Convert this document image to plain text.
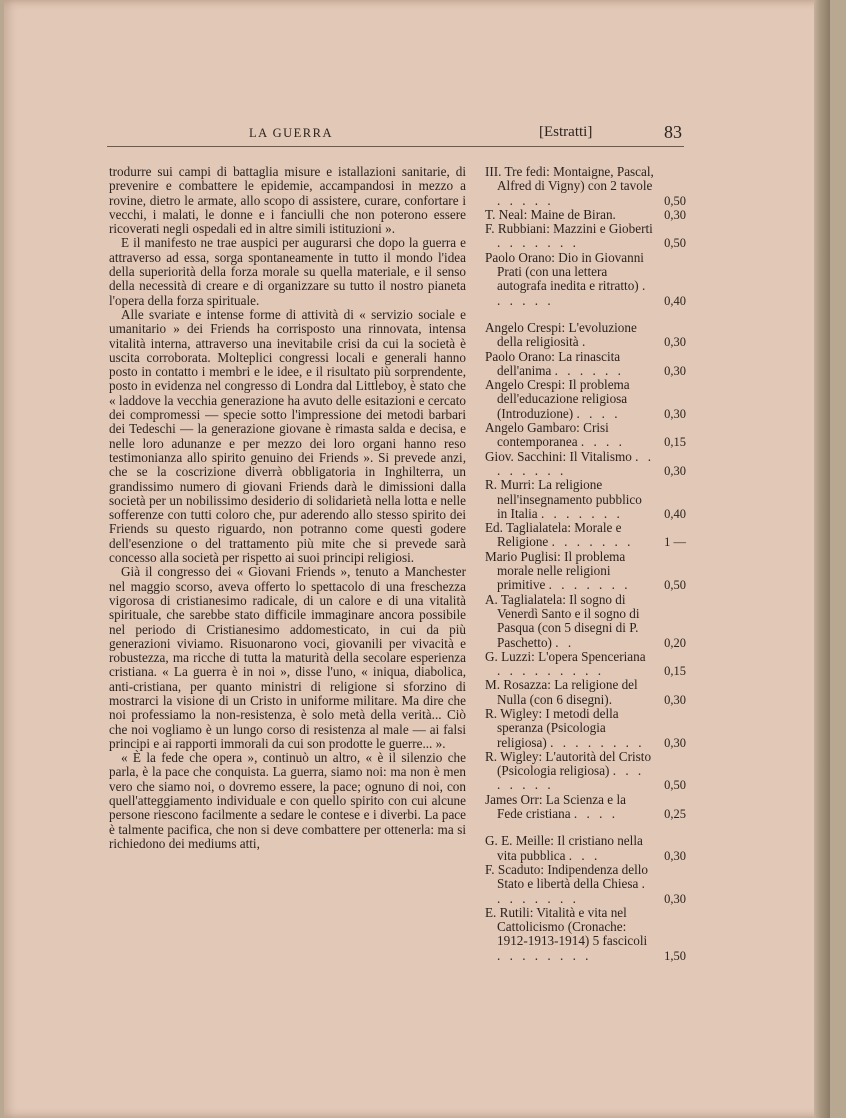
LA GUERRA	[Estratti]	83

trodurre sui campi di battaglia misure e istallazioni sanitarie, di prevenire e combattere le epidemie, accampandosi in mezzo a rovine, dietro le armate, allo scopo di assistere, curare, confortare i vecchi, i malati, le donne e i fanciulli che non poterono essere ricoverati negli ospedali ed in altre simili istituzioni ».

E il manifesto ne trae auspici per augurarsi che dopo la guerra e attraverso ad essa, sorga spontaneamente in tutto il mondo l'idea della superiorità della forza morale su quella materiale, e il senso della necessità di creare e di organizzare su tutto il nostro pianeta l'opera della forza spirituale.

Alle svariate e intense forme di attività di « servizio sociale e umanitario » dei Friends ha corrisposto una rinnovata, intensa vitalità interna, attraverso una inevitabile crisi da cui la società è uscita corroborata. Molteplici congressi locali e generali hanno posto in contatto i membri e le idee, e il risultato più sorprendente, posto in evidenza nel congresso di Londra dal Littleboy, è stato che « laddove la vecchia generazione ha avuto delle esitazioni e cercato dei compromessi — specie sotto l'impressione dei metodi barbari dei Tedeschi — la generazione giovane è rimasta salda e decisa, e nelle loro adunanze e per mezzo dei loro organi hanno reso testimonianza allo spirito genuino dei Friends ». Si prevede anzi, che se la coscrizione diverrà obbligatoria in Inghilterra, un grandissimo numero di giovani Friends darà le dimissioni dalla società per un nobilissimo desiderio di solidarietà nella lotta e nelle sofferenze con tutti coloro che, pur aderendo allo stesso spirito dei Friends su questo riguardo, non potranno come questi godere dell'esenzione o del trattamento più mite che si prevede sarà concesso alla società per rispetto ai suoi principi religiosi.

Già il congresso dei « Giovani Friends », tenuto a Manchester nel maggio scorso, aveva offerto lo spettacolo di una freschezza vigorosa di cristianesimo radicale, di un calore e di una vitalità spirituale, che sarebbe stato difficile immaginare ancora possibile nel periodo di Cristianesimo addomesticato, in cui da più generazioni viviamo. Risuonarono voci, giovanili per vivacità e robustezza, ma ricche di tutta la maturità della secolare esperienza cristiana. « La guerra è in noi », disse l'uno, « iniqua, diabolica, anti-cristiana, per quanto ministri di religione si sforzino di mostrarci la visione di un Cristo in uniforme militare. Ma dire che noi professiamo la non-resistenza, è solo metà della verità... Ciò che noi vogliamo è un lungo corso di resistenza al male — ai falsi principi e ai rapporti immorali da cui son prodotte le guerre... ».

« È la fede che opera », continuò un altro, « è il silenzio che parla, è la pace che conquista. La guerra, siamo noi: ma non è men vero che siamo noi, o dovremo essere, la pace; ognuno di noi, con quell'atteggiamento individuale e con quello spirito con cui alcune persone riescono facilmente a sedare le contese e i diverbi. La pace è talmente pacifica, che non si deve combattere per ottenerla: ma si richiedono dei mediums atti,

III. Tre fedi: Montaigne, Pascal, Alfred di Vigny) con 2 tavole . . . . .	0,50

T. Neal: Maine de Biran.	0,30

F. Rubbiani: Mazzini e Gioberti . . . . . . .	0,50

Paolo Orano: Dio in Giovanni Prati (con una lettera autografa inedita e ritratto) . . . . . .	0,40

Angelo Crespi: L'evoluzione della religiosità .	0,30

Paolo Orano: La rinascita dell'anima . . . . . .	0,30

Angelo Crespi: Il problema dell'educazione religiosa (Introduzione) . . . .	0,30

Angelo Gambaro: Crisi contemporanea . . . .	0,15

Giov. Sacchini: Il Vitalismo . . . . . . . .	0,30

R. Murri: La religione nell'insegnamento pubblico in Italia . . . . . . .	0,40

Ed. Taglialatela: Morale e Religione . . . . . . . 1 —

Mario Puglisi: Il problema morale nelle religioni primitive . . . . . . .	0,50

A. Taglialatela: Il sogno di Venerdì Santo e il sogno di Pasqua (con 5 disegni di P. Paschetto) . .	0,20

G. Luzzi: L'opera Spenceriana . . . . . . . . .	0,15

M. Rosazza: La religione del Nulla (con 6 disegni).	0,30

R. Wigley: I metodi della speranza (Psicologia religiosa) . . . . . . . . 0,30

R. Wigley: L'autorità del Cristo (Psicologia religiosa) . . . . . . . .	0,50

James Orr: La Scienza e la Fede cristiana . . . .	0,25

G. E. Meille: Il cristiano nella vita pubblica . . .	0,30

F. Scaduto: Indipendenza dello Stato e libertà della Chiesa . . . . . . . .	0,30

E. Rutili: Vitalità e vita nel Cattolicismo (Cronache: 1912-1913-1914) 5 fascicoli . . . . . . . .	1,50
